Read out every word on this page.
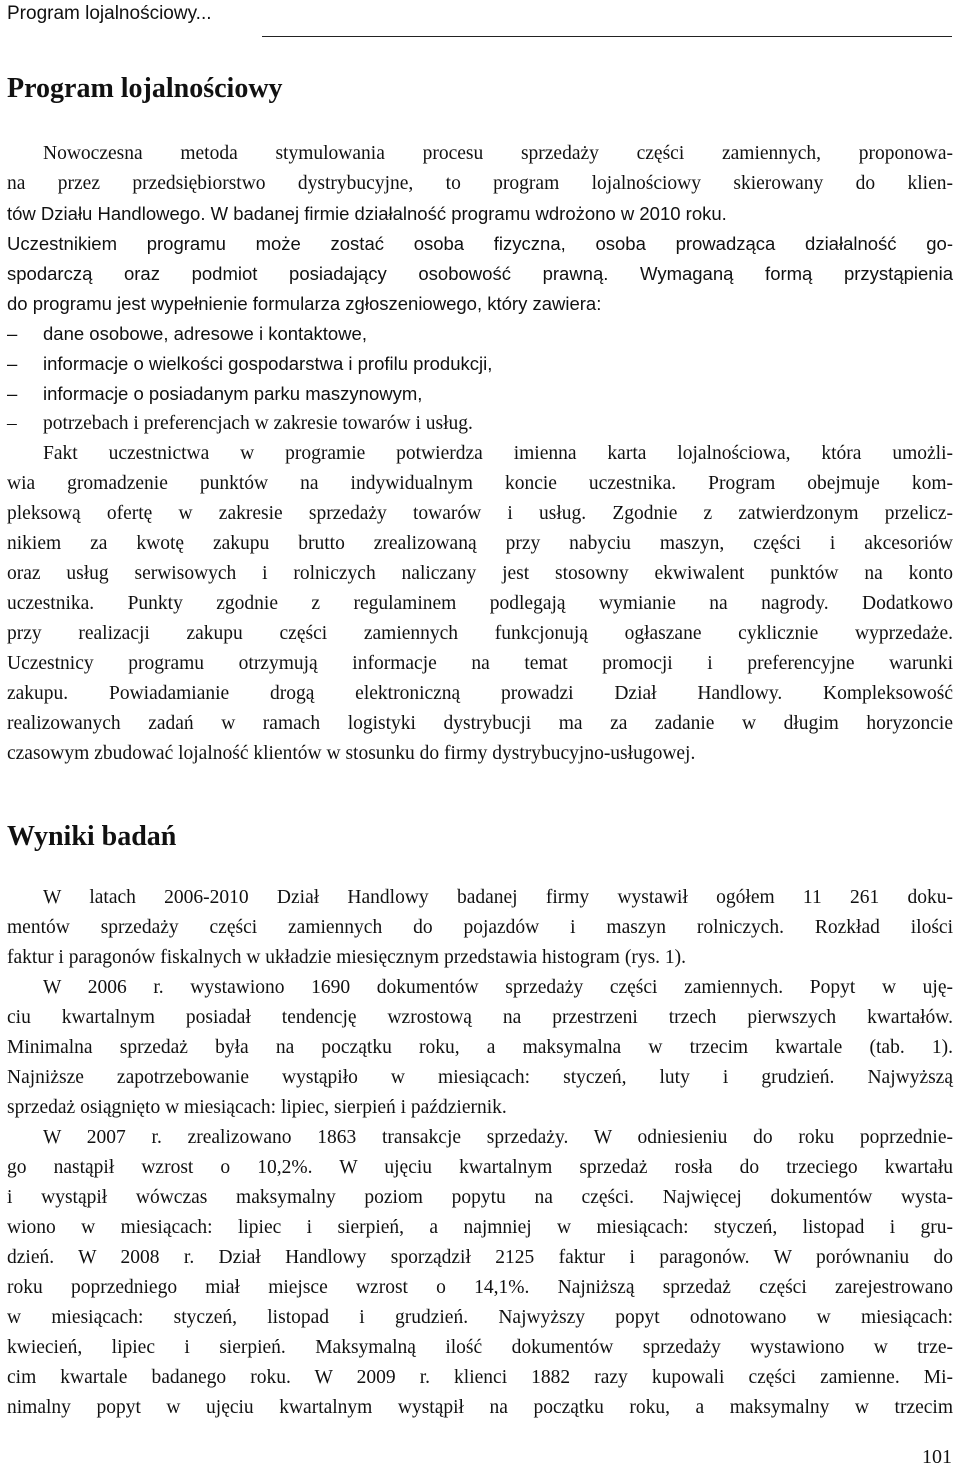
Program lojalnościowy...
Program lojalnościowy
Nowoczesna metoda stymulowania procesu sprzedaży części zamiennych, proponowa-
na przez przedsiębiorstwo dystrybucyjne, to program lojalnościowy skierowany do klien-
tów Działu Handlowego. W badanej firmie działalność programu wdrożono w 2010 roku.
Uczestnikiem programu może zostać osoba fizyczna, osoba prowadząca działalność go-
spodarczą oraz podmiot posiadający osobowość prawną. Wymaganą formą przystąpienia
do programu jest wypełnienie formularza zgłoszeniowego, który zawiera:
– dane osobowe, adresowe i kontaktowe,
– informacje o wielkości gospodarstwa i profilu produkcji,
– informacje o posiadanym parku maszynowym,
– potrzebach i preferencjach w zakresie towarów i usług.
Fakt uczestnictwa w programie potwierdza imienna karta lojalnościowa, która umożli-
wia gromadzenie punktów na indywidualnym koncie uczestnika. Program obejmuje kom-
pleksową ofertę w zakresie sprzedaży towarów i usług. Zgodnie z zatwierdzonym przelicz-
nikiem za kwotę zakupu brutto zrealizowaną przy nabyciu maszyn, części i akcesoriów
oraz usług serwisowych i rolniczych naliczany jest stosowny ekwiwalent punktów na konto
uczestnika. Punkty zgodnie z regulaminem podlegają wymianie na nagrody. Dodatkowo
przy realizacji zakupu części zamiennych funkcjonują ogłaszane cyklicznie wyprzedaże.
Uczestnicy programu otrzymują informacje na temat promocji i preferencyjne warunki
zakupu. Powiadamianie drogą elektroniczną prowadzi Dział Handlowy. Kompleksowość
realizowanych zadań w ramach logistyki dystrybucji ma za zadanie w długim horyzoncie
czasowym zbudować lojalność klientów w stosunku do firmy dystrybucyjno-usługowej.
Wyniki badań
W latach 2006-2010 Dział Handlowy badanej firmy wystawił ogółem 11 261 doku-
mentów sprzedaży części zamiennych do pojazdów i maszyn rolniczych. Rozkład ilości
faktur i paragonów fiskalnych w układzie miesięcznym przedstawia histogram (rys. 1).
W 2006 r. wystawiono 1690 dokumentów sprzedaży części zamiennych. Popyt w uję-
ciu kwartalnym posiadał tendencję wzrostową na przestrzeni trzech pierwszych kwartałów.
Minimalna sprzedaż była na początku roku, a maksymalna w trzecim kwartale (tab. 1).
Najniższe zapotrzebowanie wystąpiło w miesiącach: styczeń, luty i grudzień. Najwyższą
sprzedaż osiągnięto w miesiącach: lipiec, sierpień i październik.
W 2007 r. zrealizowano 1863 transakcje sprzedaży. W odniesieniu do roku poprzednie-
go nastąpił wzrost o 10,2%. W ujęciu kwartalnym sprzedaż rosła do trzeciego kwartału
i wystąpił wówczas maksymalny poziom popytu na części. Najwięcej dokumentów wysta-
wiono w miesiącach: lipiec i sierpień, a najmniej w miesiącach: styczeń, listopad i gru-
dzień. W 2008 r. Dział Handlowy sporządził 2125 faktur i paragonów. W porównaniu do
roku poprzedniego miał miejsce wzrost o 14,1%. Najniższą sprzedaż części zarejestrowano
w miesiącach: styczeń, listopad i grudzień. Najwyższy popyt odnotowano w miesiącach:
kwiecień, lipiec i sierpień. Maksymalną ilość dokumentów sprzedaży wystawiono w trze-
cim kwartale badanego roku. W 2009 r. klienci 1882 razy kupowali części zamienne. Mi-
nimalny popyt w ujęciu kwartalnym wystąpił na początku roku, a maksymalny w trzecim
101
